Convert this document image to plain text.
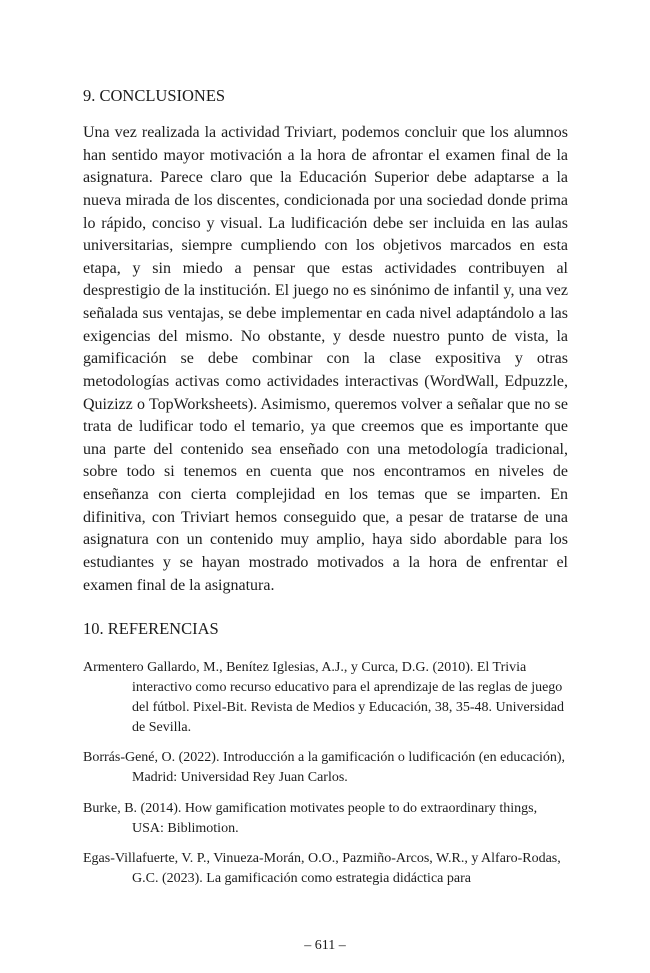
9. CONCLUSIONES

Una vez realizada la actividad Triviart, podemos concluir que los alumnos han sentido mayor motivación a la hora de afrontar el examen final de la asignatura. Parece claro que la Educación Superior debe adaptarse a la nueva mirada de los discentes, condicionada por una sociedad donde prima lo rápido, conciso y visual. La ludificación debe ser incluida en las aulas universitarias, siempre cumpliendo con los objetivos marcados en esta etapa, y sin miedo a pensar que estas actividades contribuyen al desprestigio de la institución. El juego no es sinónimo de infantil y, una vez señalada sus ventajas, se debe implementar en cada nivel adaptándolo a las exigencias del mismo. No obstante, y desde nuestro punto de vista, la gamificación se debe combinar con la clase expositiva y otras metodologías activas como actividades interactivas (WordWall, Edpuzzle, Quizizz o TopWorksheets). Asimismo, queremos volver a señalar que no se trata de ludificar todo el temario, ya que creemos que es importante que una parte del contenido sea enseñado con una metodología tradicional, sobre todo si tenemos en cuenta que nos encontramos en niveles de enseñanza con cierta complejidad en los temas que se imparten. En difinitiva, con Triviart hemos conseguido que, a pesar de tratarse de una asignatura con un contenido muy amplio, haya sido abordable para los estudiantes y se hayan mostrado motivados a la hora de enfrentar el examen final de la asignatura.

10. REFERENCIAS

Armentero Gallardo, M., Benítez Iglesias, A.J., y Curca, D.G. (2010). El Trivia interactivo como recurso educativo para el aprendizaje de las reglas de juego del fútbol. Pixel-Bit. Revista de Medios y Educación, 38, 35-48. Universidad de Sevilla.

Borrás-Gené, O. (2022). Introducción a la gamificación o ludificación (en educación), Madrid: Universidad Rey Juan Carlos.

Burke, B. (2014). How gamification motivates people to do extraordinary things, USA: Biblimotion.

Egas-Villafuerte, V. P., Vinueza-Morán, O.O., Pazmiño-Arcos, W.R., y Alfaro-Rodas, G.C. (2023). La gamificación como estrategia didáctica para

– 611 –
